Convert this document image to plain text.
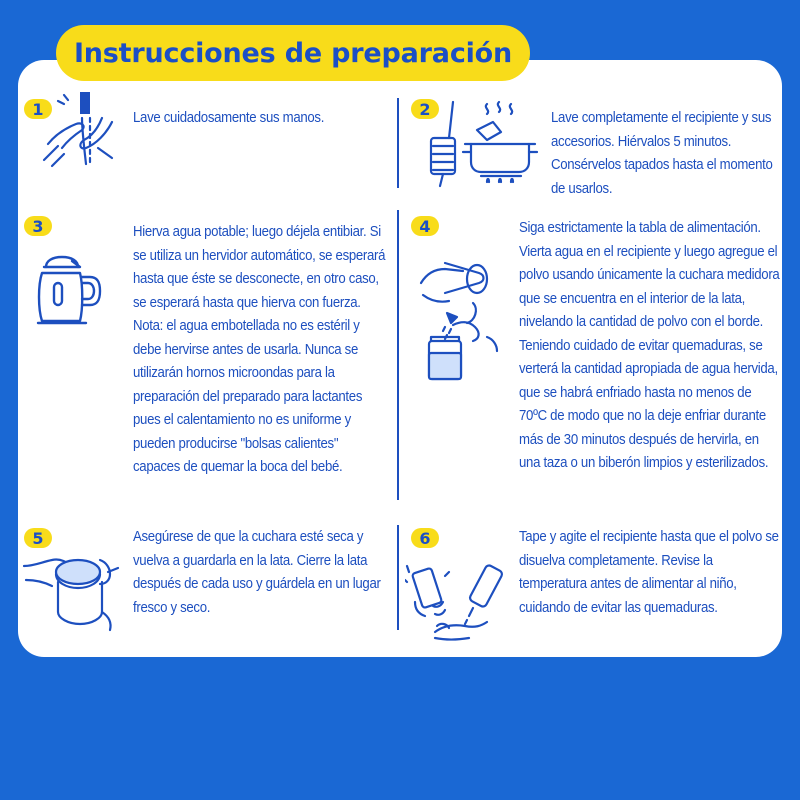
Instrucciones de preparación
1	Lave cuidadosamente sus manos.	2	Lave completamente el recipiente y sus accesorios. Hiérvalos 5 minutos. Consérvelos tapados hasta el momento de usarlos.

3	Hierva agua potable; luego déjela entibiar. Si se utiliza un hervidor automático, se esperará hasta que éste se desconecte, en otro caso, se esperará hasta que hierva con fuerza. Nota: el agua embotellada no es estéril y debe hervirse antes de usarla. Nunca se utilizarán hornos microondas para la preparación del preparado para lactantes pues el calentamiento no es uniforme y pueden producirse "bolsas calientes" capaces de quemar la boca del bebé.

4	Siga estrictamente la tabla de alimentación. Vierta agua en el recipiente y luego agregue el polvo usando únicamente la cuchara medidora que se encuentra en el interior de la lata, nivelando la cantidad de polvo con el borde. Teniendo cuidado de evitar quemaduras, se verterá la cantidad apropiada de agua hervida, que se habrá enfriado hasta no menos de 70ºC de modo que no la deje enfriar durante más de 30 minutos después de hervirla, en una taza o un biberón limpios y esterilizados.

5	Asegúrese de que la cuchara esté seca y vuelva a guardarla en la lata. Cierre la lata después de cada uso y guárdela en un lugar fresco y seco.

6	Tape y agite el recipiente hasta que el polvo se disuelva completamente. Revise la temperatura antes de alimentar al niño, cuidando de evitar las quemaduras.
